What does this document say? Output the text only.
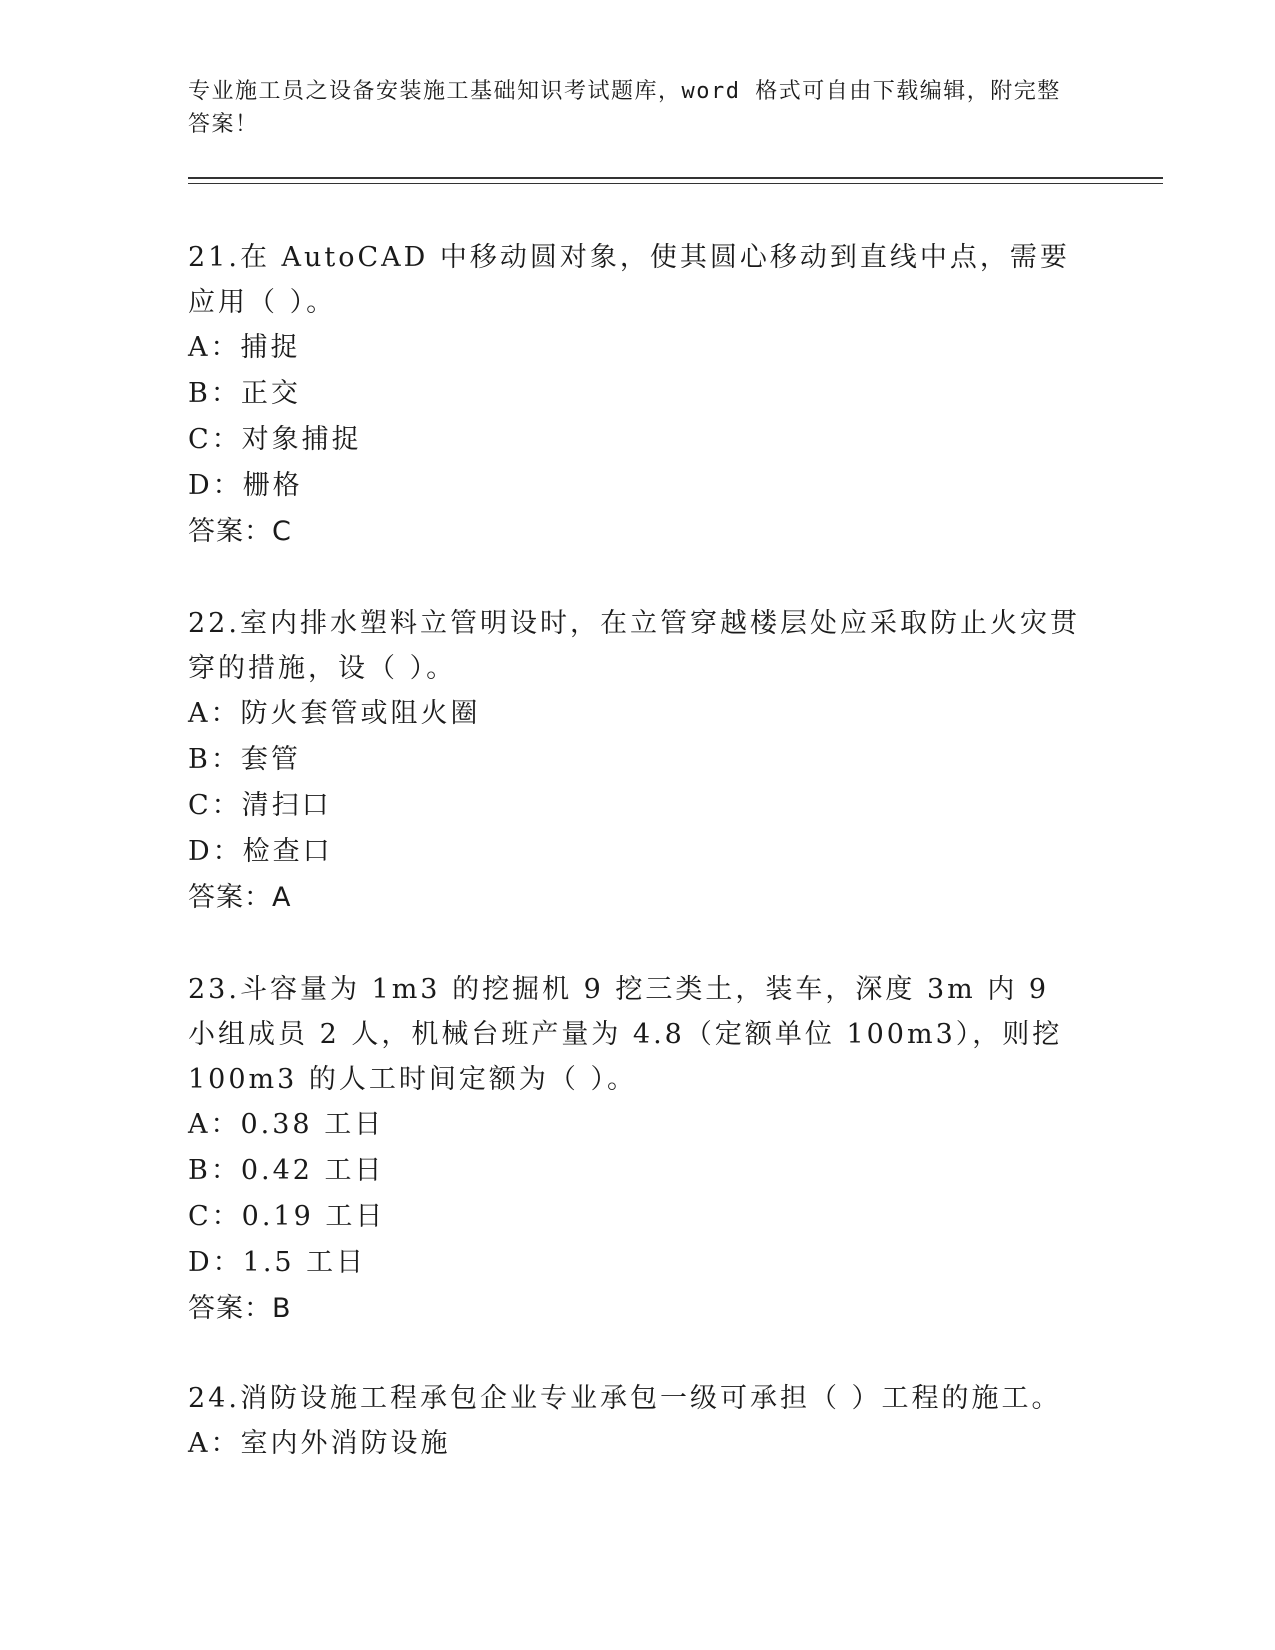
专业施工员之设备安装施工基础知识考试题库，word 格式可自由下载编辑，附完整答案！

21.在 AutoCAD 中移动圆对象，使其圆心移动到直线中点，需要应用（ ）。

A：捕捉

B：正交

C：对象捕捉

D：栅格

答案：C

22.室内排水塑料立管明设时，在立管穿越楼层处应采取防止火灾贯穿的措施，设（ ）。

A：防火套管或阻火圈

B：套管

C：清扫口

D：检查口

答案：A

23.斗容量为 1m3 的挖掘机 9 挖三类土，装车，深度 3m 内 9 小组成员 2 人，机械台班产量为 4.8（定额单位 100m3），则挖 100m3 的人工时间定额为（ ）。

A：0.38 工日

B：0.42 工日

C：0.19 工日

D：1.5 工日

答案：B

24.消防设施工程承包企业专业承包一级可承担（ ）工程的施工。

A：室内外消防设施
